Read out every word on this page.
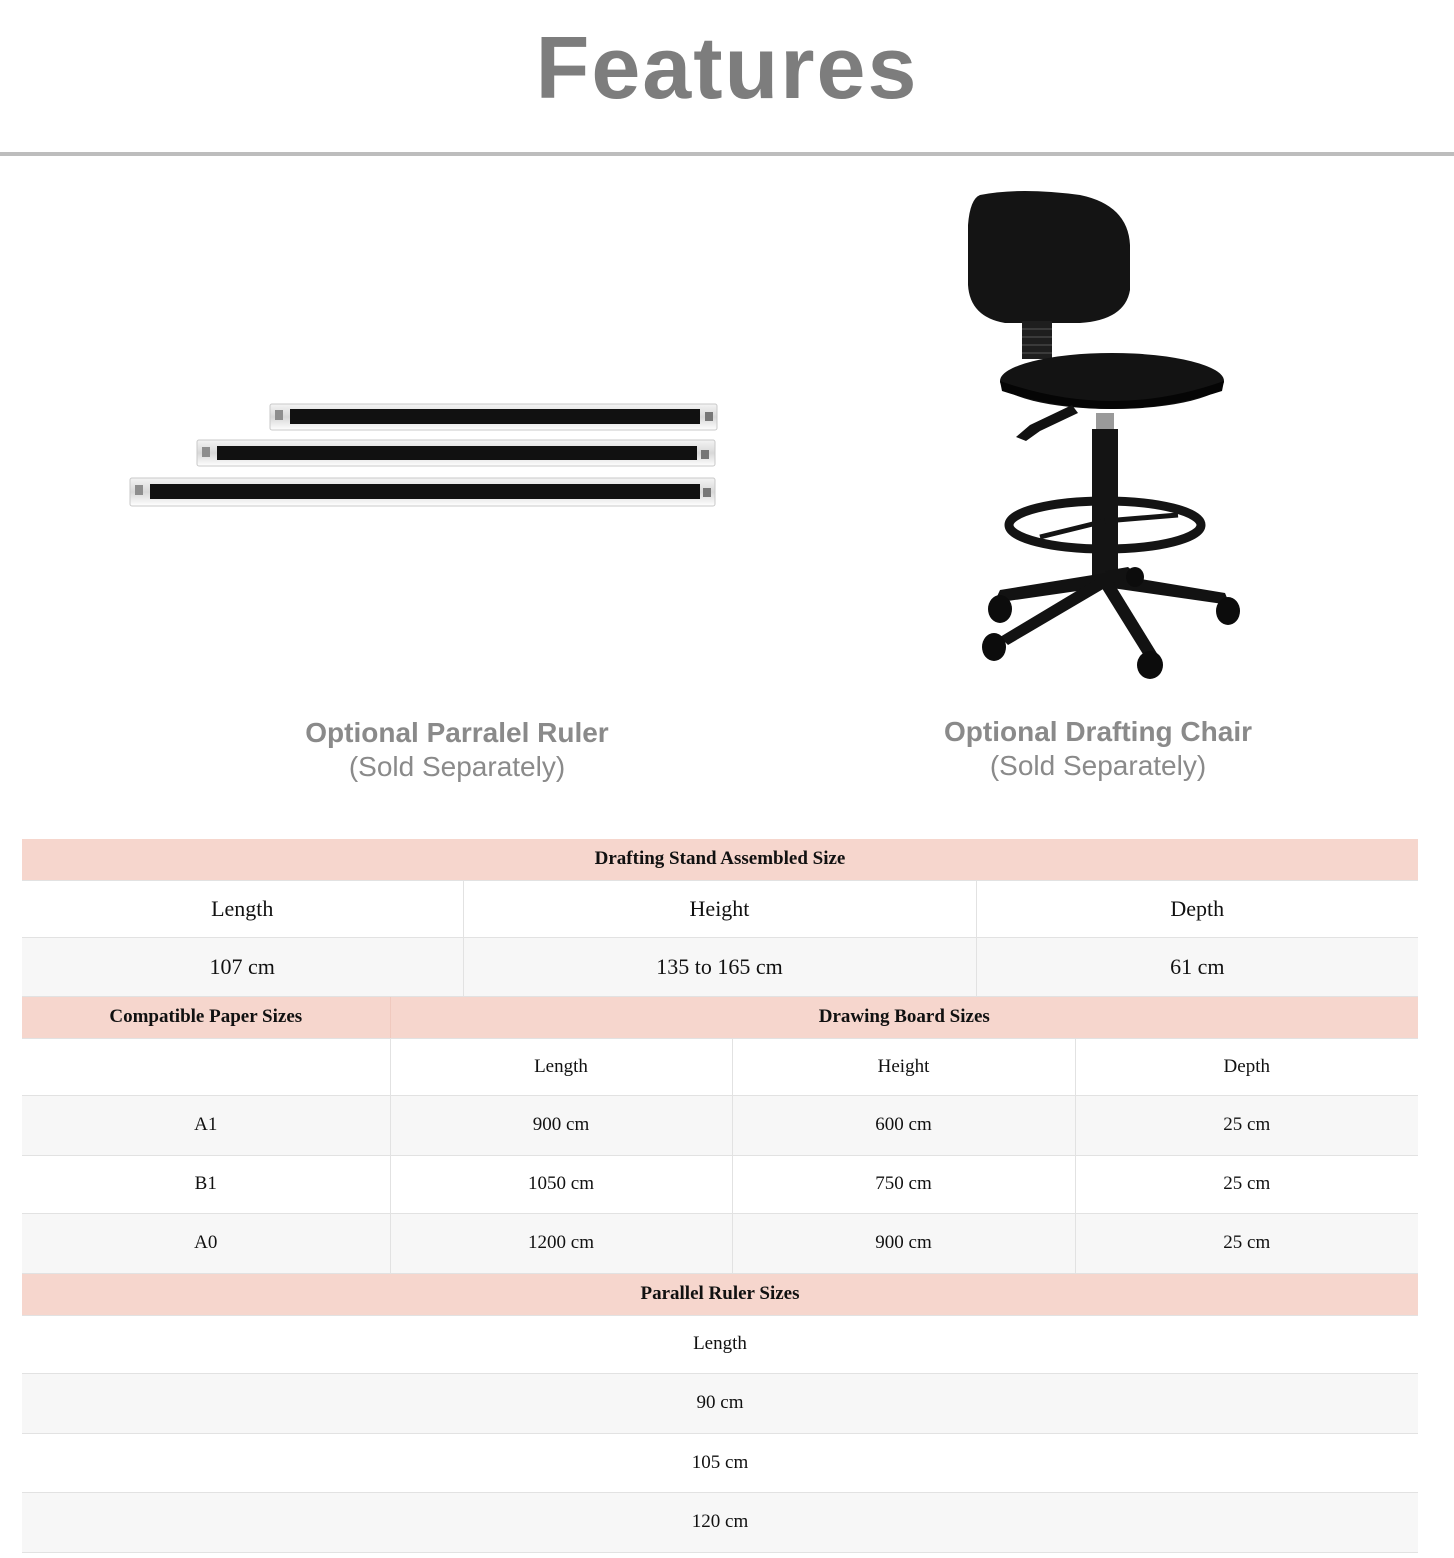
Features
Optional Parralel Ruler
(Sold Separately)
Optional Drafting Chair
(Sold Separately)
Drafting Stand Assembled Size		
Length	Height	Depth
107 cm	135 to 165 cm	61 cm
Compatible Paper Sizes	Drawing Board Sizes		
	Length	Height	Depth
A1	900 cm	600 cm	25 cm
B1	1050 cm	750 cm	25 cm
A0	1200 cm	900 cm	25 cm
Parallel Ruler Sizes
Length
90 cm
105 cm
120 cm
